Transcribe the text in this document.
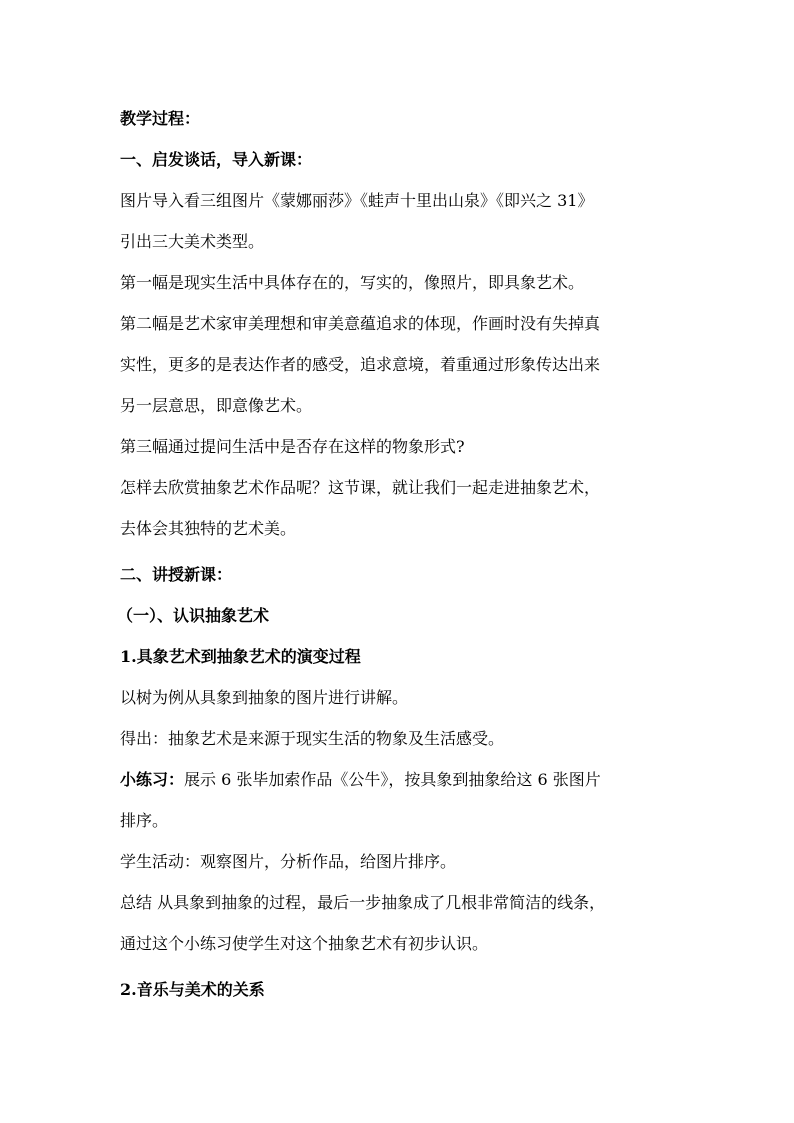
教学过程：
一、启发谈话，导入新课：
图片导入看三组图片《蒙娜丽莎》《蛙声十里出山泉》《即兴之 31》
引出三大美术类型。
第一幅是现实生活中具体存在的，写实的，像照片，即具象艺术。
第二幅是艺术家审美理想和审美意蕴追求的体现，作画时没有失掉真
实性，更多的是表达作者的感受，追求意境，着重通过形象传达出来
另一层意思，即意像艺术。
第三幅通过提问生活中是否存在这样的物象形式?
怎样去欣赏抽象艺术作品呢？这节课，就让我们一起走进抽象艺术，
去体会其独特的艺术美。
二、讲授新课：
（一）、认识抽象艺术
1.具象艺术到抽象艺术的演变过程
以树为例从具象到抽象的图片进行讲解。
得出：抽象艺术是来源于现实生活的物象及生活感受。
小练习：展示 6 张毕加索作品《公牛》，按具象到抽象给这 6 张图片
排序。
学生活动：观察图片，分析作品，给图片排序。
总结 从具象到抽象的过程，最后一步抽象成了几根非常简洁的线条，
通过这个小练习使学生对这个抽象艺术有初步认识。
2.音乐与美术的关系
